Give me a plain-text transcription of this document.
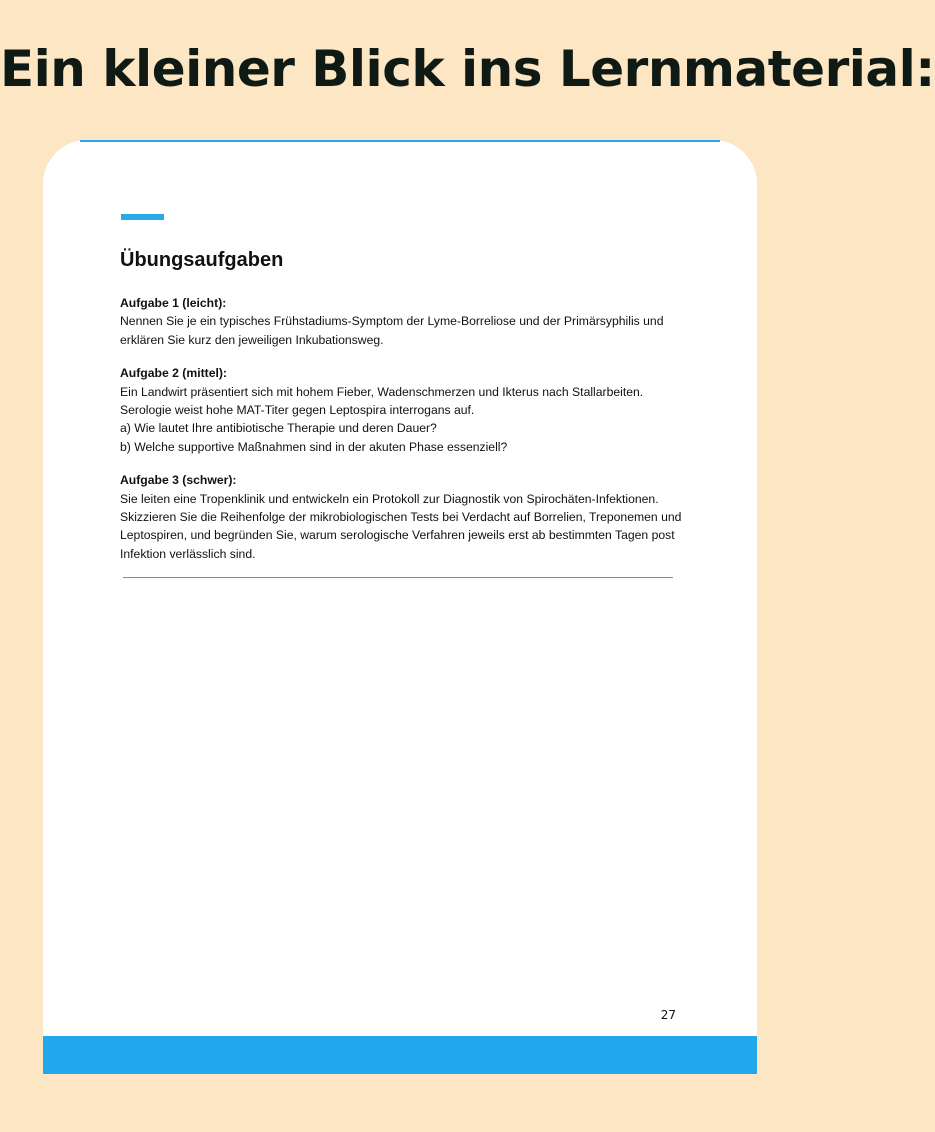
Ein kleiner Blick ins Lernmaterial:
Übungsaufgaben
Aufgabe 1 (leicht):
Nennen Sie je ein typisches Frühstadiums-Symptom der Lyme-Borreliose und der Primärsyphilis und
erklären Sie kurz den jeweiligen Inkubationsweg.
Aufgabe 2 (mittel):
Ein Landwirt präsentiert sich mit hohem Fieber, Wadenschmerzen und Ikterus nach Stallarbeiten.
Serologie weist hohe MAT-Titer gegen Leptospira interrogans auf.
a) Wie lautet Ihre antibiotische Therapie und deren Dauer?
b) Welche supportive Maßnahmen sind in der akuten Phase essenziell?
Aufgabe 3 (schwer):
Sie leiten eine Tropenklinik und entwickeln ein Protokoll zur Diagnostik von Spirochäten-Infektionen.
Skizzieren Sie die Reihenfolge der mikrobiologischen Tests bei Verdacht auf Borrelien, Treponemen und
Leptospiren, und begründen Sie, warum serologische Verfahren jeweils erst ab bestimmten Tagen post
Infektion verlässlich sind.
27
